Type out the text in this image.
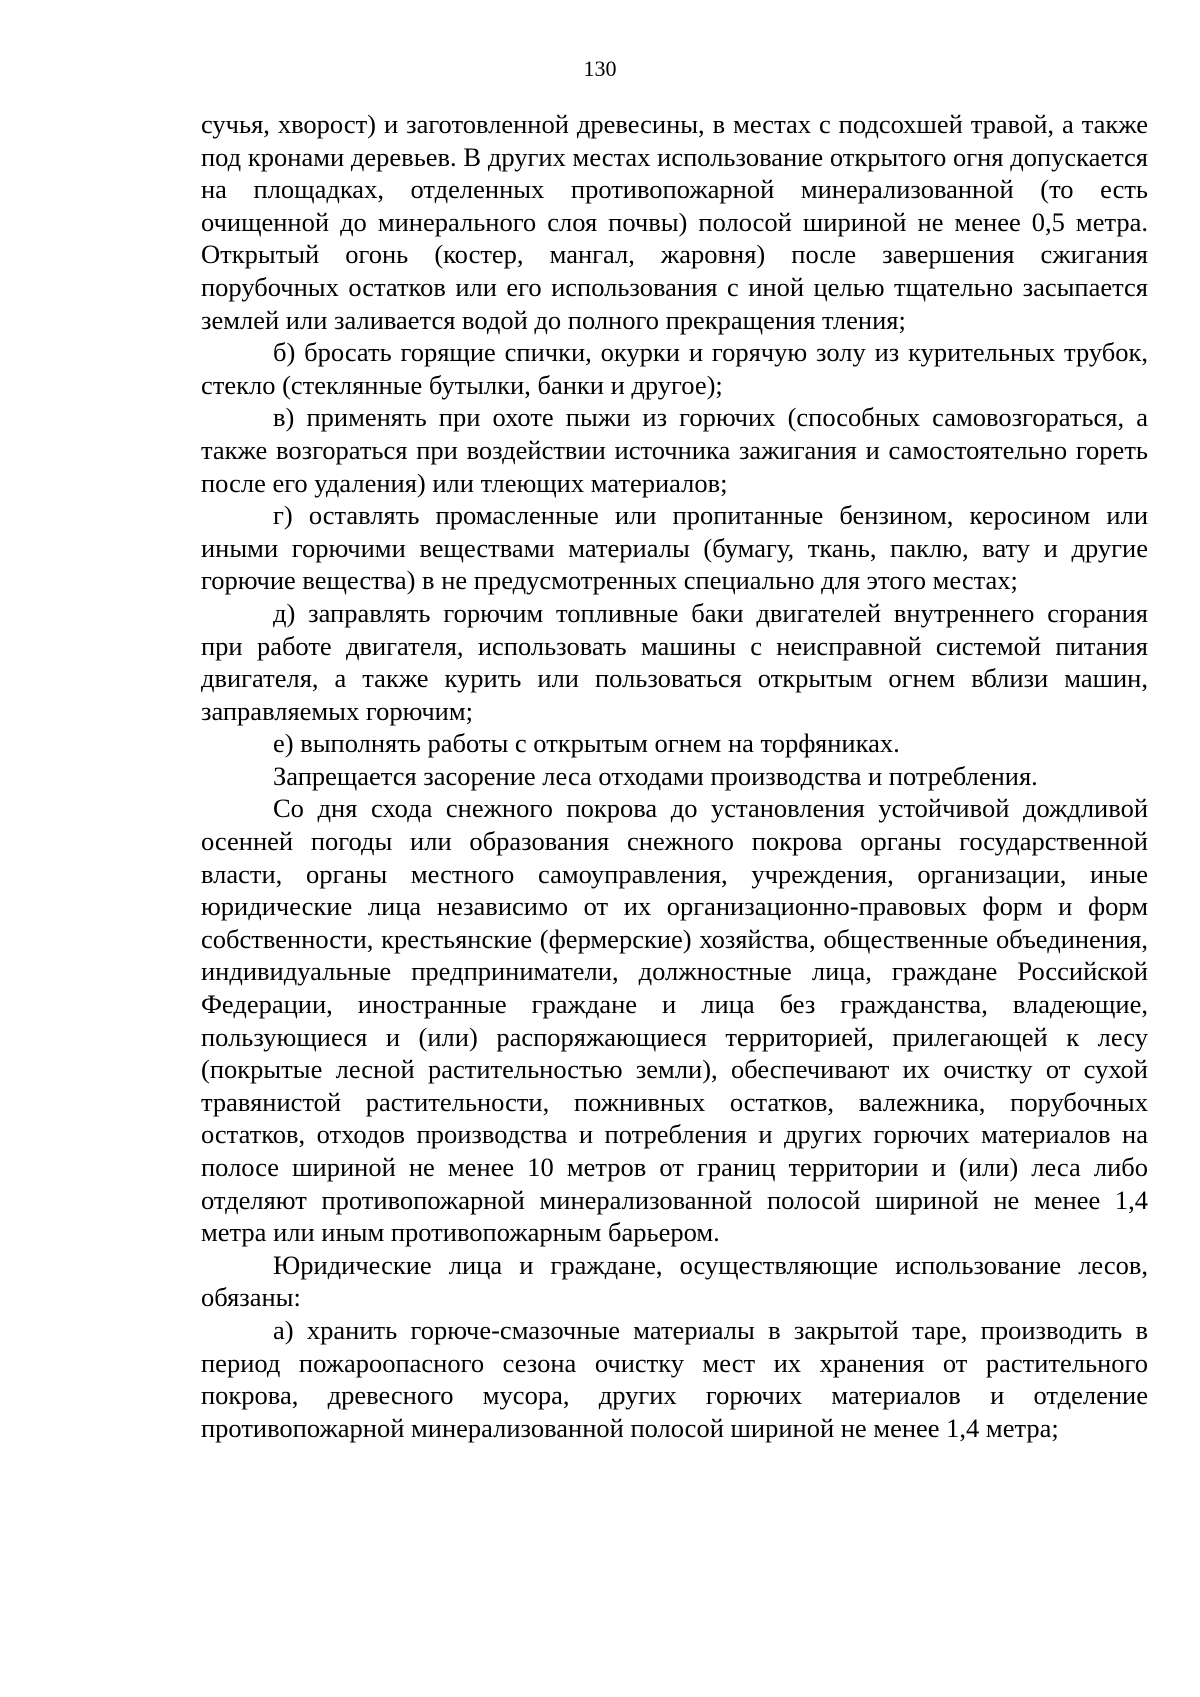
130

сучья, хворост) и заготовленной древесины, в местах с подсохшей травой, а также под кронами деревьев. В других местах использование открытого огня допускается на площадках, отделенных противопожарной минерализованной (то есть очищенной до минерального слоя почвы) полосой шириной не менее 0,5 метра. Открытый огонь (костер, мангал, жаровня) после завершения сжигания порубочных остатков или его использования с иной целью тщательно засыпается землей или заливается водой до полного прекращения тления;

б) бросать горящие спички, окурки и горячую золу из курительных трубок, стекло (стеклянные бутылки, банки и другое);

в) применять при охоте пыжи из горючих (способных самовозгораться, а также возгораться при воздействии источника зажигания и самостоятельно гореть после его удаления) или тлеющих материалов;

г) оставлять промасленные или пропитанные бензином, керосином или иными горючими веществами материалы (бумагу, ткань, паклю, вату и другие горючие вещества) в не предусмотренных специально для этого местах;

д) заправлять горючим топливные баки двигателей внутреннего сгорания при работе двигателя, использовать машины с неисправной системой питания двигателя, а также курить или пользоваться открытым огнем вблизи машин, заправляемых горючим;

е) выполнять работы с открытым огнем на торфяниках.

Запрещается засорение леса отходами производства и потребления.

Со дня схода снежного покрова до установления устойчивой дождливой осенней погоды или образования снежного покрова органы государственной власти, органы местного самоуправления, учреждения, организации, иные юридические лица независимо от их организационно-правовых форм и форм собственности, крестьянские (фермерские) хозяйства, общественные объединения, индивидуальные предприниматели, должностные лица, граждане Российской Федерации, иностранные граждане и лица без гражданства, владеющие, пользующиеся и (или) распоряжающиеся территорией, прилегающей к лесу (покрытые лесной растительностью земли), обеспечивают их очистку от сухой травянистой растительности, пожнивных остатков, валежника, порубочных остатков, отходов производства и потребления и других горючих материалов на полосе шириной не менее 10 метров от границ территории и (или) леса либо отделяют противопожарной минерализованной полосой шириной не менее 1,4 метра или иным противопожарным барьером.

Юридические лица и граждане, осуществляющие использование лесов, обязаны:

а) хранить горюче-смазочные материалы в закрытой таре, производить в период пожароопасного сезона очистку мест их хранения от растительного покрова, древесного мусора, других горючих материалов и отделение противопожарной минерализованной полосой шириной не менее 1,4 метра;
